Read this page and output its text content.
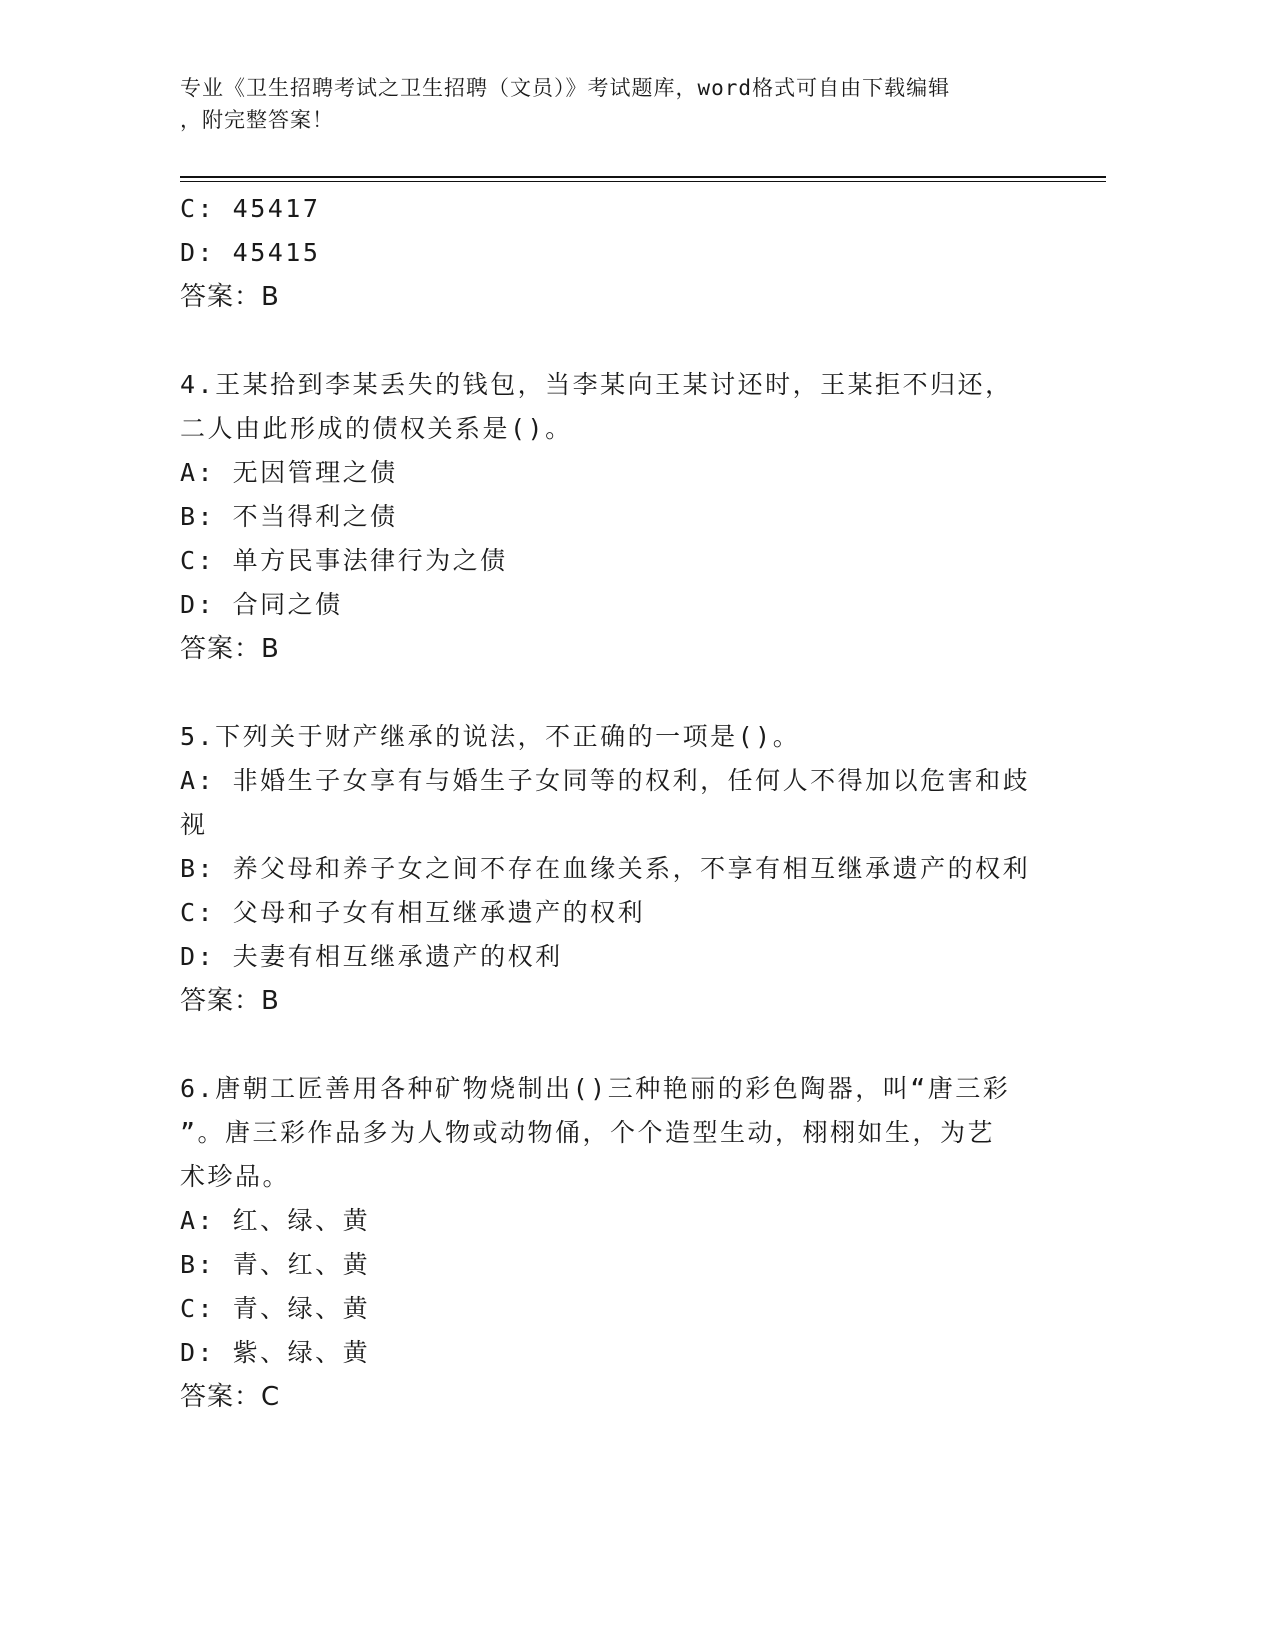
专业《卫生招聘考试之卫生招聘（文员）》考试题库，word格式可自由下载编辑
，附完整答案！
C: 45417
D: 45415
答案：B
4.王某拾到李某丢失的钱包，当李某向王某讨还时，王某拒不归还，
二人由此形成的债权关系是()。
A: 无因管理之债
B: 不当得利之债
C: 单方民事法律行为之债
D: 合同之债
答案：B
5.下列关于财产继承的说法，不正确的一项是()。
A: 非婚生子女享有与婚生子女同等的权利，任何人不得加以危害和歧
视
B: 养父母和养子女之间不存在血缘关系，不享有相互继承遗产的权利
C: 父母和子女有相互继承遗产的权利
D: 夫妻有相互继承遗产的权利
答案：B
6.唐朝工匠善用各种矿物烧制出()三种艳丽的彩色陶器，叫“唐三彩
”。唐三彩作品多为人物或动物俑，个个造型生动，栩栩如生，为艺
术珍品。
A: 红、绿、黄
B: 青、红、黄
C: 青、绿、黄
D: 紫、绿、黄
答案：C
